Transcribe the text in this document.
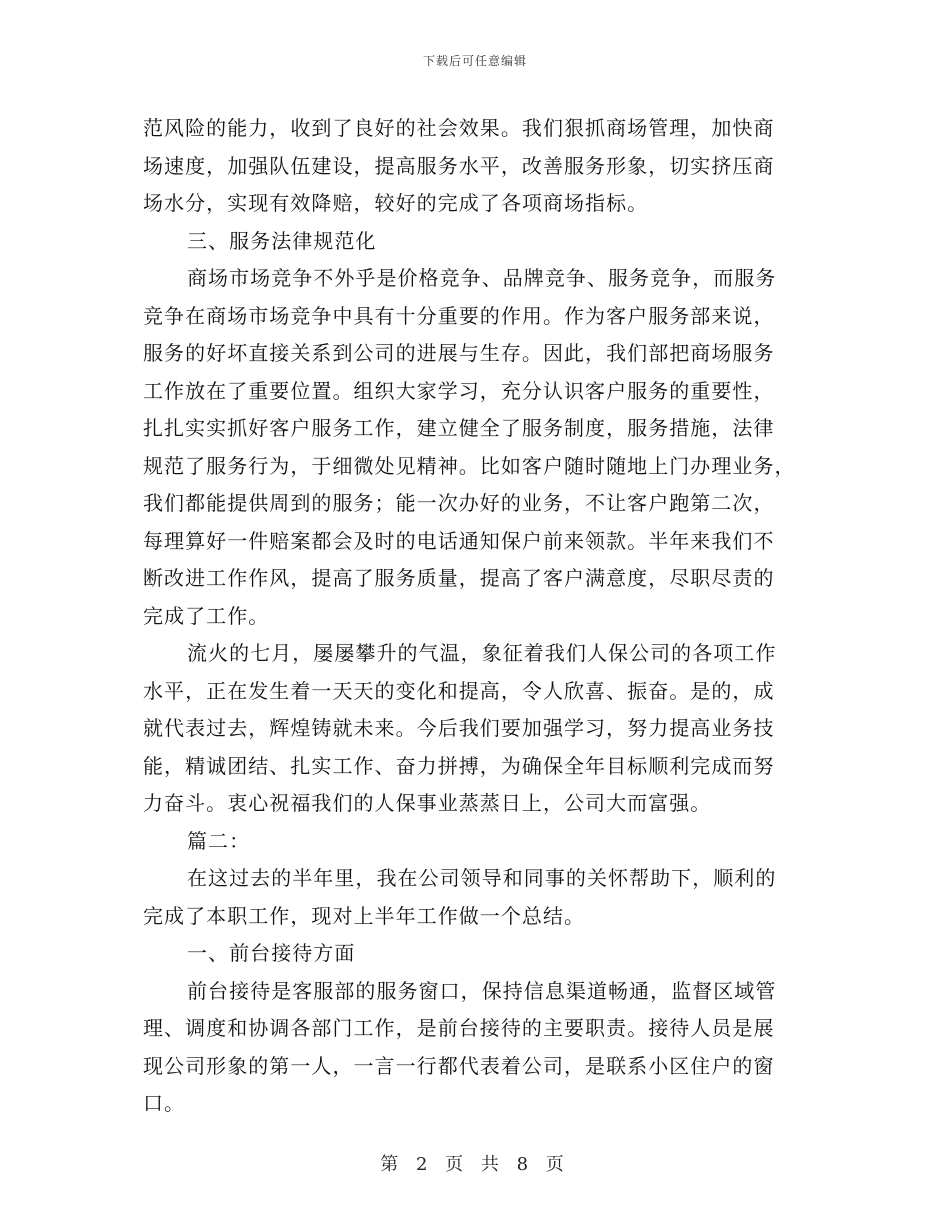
下载后可任意编辑
范风险的能力，收到了良好的社会效果。我们狠抓商场管理，加快商
场速度，加强队伍建设，提高服务水平，改善服务形象，切实挤压商
场水分，实现有效降赔，较好的完成了各项商场指标。
三、服务法律规范化
商场市场竞争不外乎是价格竞争、品牌竞争、服务竞争，而服务
竞争在商场市场竞争中具有十分重要的作用。作为客户服务部来说，
服务的好坏直接关系到公司的进展与生存。因此，我们部把商场服务
工作放在了重要位置。组织大家学习，充分认识客户服务的重要性，
扎扎实实抓好客户服务工作，建立健全了服务制度，服务措施，法律
规范了服务行为，于细微处见精神。比如客户随时随地上门办理业务，
我们都能提供周到的服务；能一次办好的业务，不让客户跑第二次，
每理算好一件赔案都会及时的电话通知保户前来领款。半年来我们不
断改进工作作风，提高了服务质量，提高了客户满意度，尽职尽责的
完成了工作。
流火的七月，屡屡攀升的气温，象征着我们人保公司的各项工作
水平，正在发生着一天天的变化和提高，令人欣喜、振奋。是的，成
就代表过去，辉煌铸就未来。今后我们要加强学习，努力提高业务技
能，精诚团结、扎实工作、奋力拼搏，为确保全年目标顺利完成而努
力奋斗。衷心祝福我们的人保事业蒸蒸日上，公司大而富强。
篇二：
在这过去的半年里，我在公司领导和同事的关怀帮助下，顺利的
完成了本职工作，现对上半年工作做一个总结。
一、前台接待方面
前台接待是客服部的服务窗口，保持信息渠道畅通，监督区域管
理、调度和协调各部门工作，是前台接待的主要职责。接待人员是展
现公司形象的第一人，一言一行都代表着公司，是联系小区住户的窗
口。
第 2 页 共 8 页
